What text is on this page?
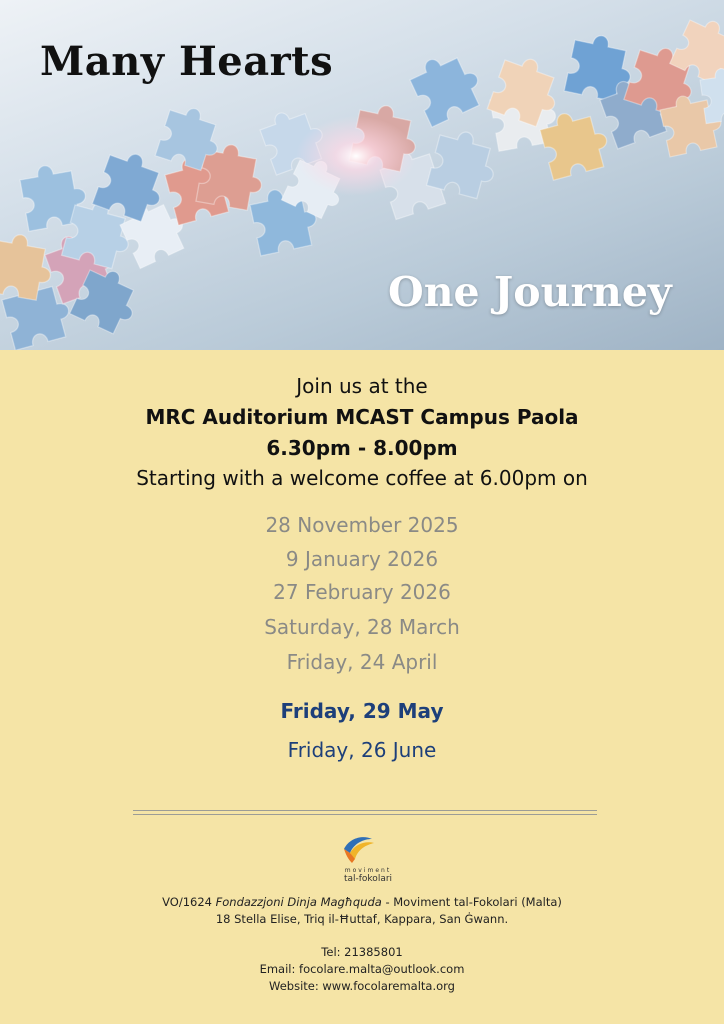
Many Hearts
One Journey
Join us at the
MRC Auditorium MCAST Campus Paola
6.30pm - 8.00pm
Starting with a welcome coffee at 6.00pm on
28 November 2025
9 January 2026
27 February 2026
Saturday, 28 March
Friday, 24 April
Friday, 29 May
Friday, 26 June
moviment
tal-fokolari
VO/1624 Fondazzjoni Dinja Magħquda - Moviment tal-Fokolari (Malta)
18 Stella Elise, Triq il-Ħuttaf, Kappara, San Ġwann.
Tel: 21385801
Email: focolare.malta@outlook.com
Website: www.focolaremalta.org
